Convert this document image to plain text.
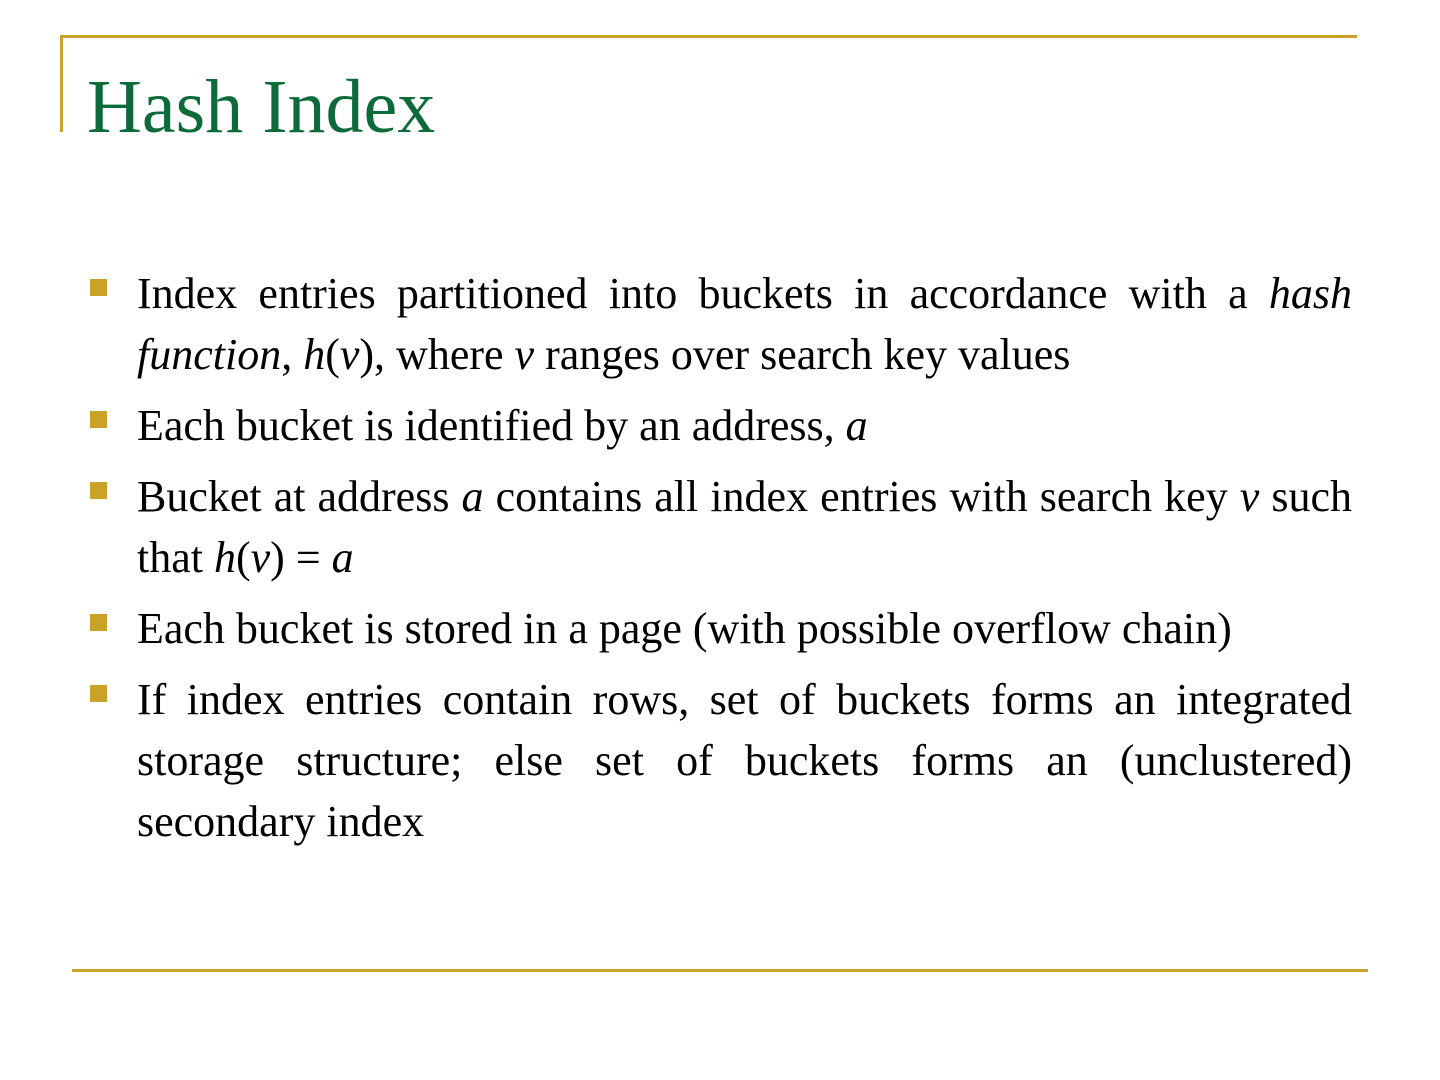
Hash Index
Index entries partitioned into buckets in accordance with a hash function, h(v), where v ranges over search key values
Each bucket is identified by an address, a
Bucket at address a contains all index entries with search key v such that h(v) = a
Each bucket is stored in a page (with possible overflow chain)
If index entries contain rows, set of buckets forms an integrated storage structure; else set of buckets forms an (unclustered) secondary index
